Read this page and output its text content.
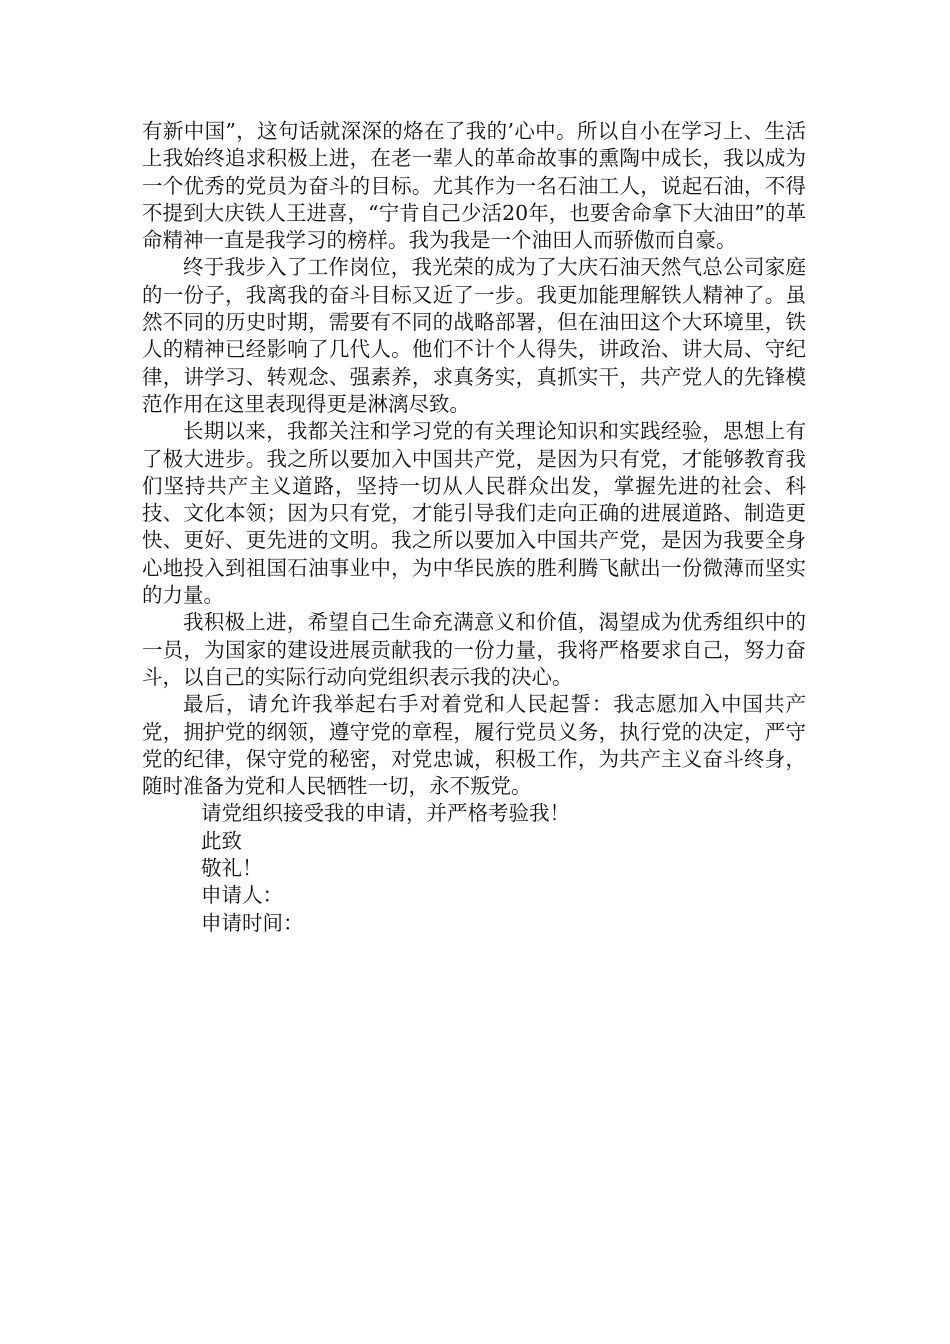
有新中国”，这句话就深深的烙在了我的’心中。所以自小在学习上、生活上我始终追求积极上进，在老一辈人的革命故事的熏陶中成长，我以成为一个优秀的党员为奋斗的目标。尤其作为一名石油工人，说起石油，不得不提到大庆铁人王进喜，“宁肯自己少活20年，也要舍命拿下大油田”的革命精神一直是我学习的榜样。我为我是一个油田人而骄傲而自豪。

终于我步入了工作岗位，我光荣的成为了大庆石油天然气总公司家庭的一份子，我离我的奋斗目标又近了一步。我更加能理解铁人精神了。虽然不同的历史时期，需要有不同的战略部署，但在油田这个大环境里，铁人的精神已经影响了几代人。他们不计个人得失，讲政治、讲大局、守纪律，讲学习、转观念、强素养，求真务实，真抓实干，共产党人的先锋模范作用在这里表现得更是淋漓尽致。

长期以来，我都关注和学习党的有关理论知识和实践经验，思想上有了极大进步。我之所以要加入中国共产党，是因为只有党，才能够教育我们坚持共产主义道路，坚持一切从人民群众出发，掌握先进的社会、科技、文化本领；因为只有党，才能引导我们走向正确的进展道路、制造更快、更好、更先进的文明。我之所以要加入中国共产党，是因为我要全身心地投入到祖国石油事业中，为中华民族的胜利腾飞献出一份微薄而坚实的力量。

我积极上进，希望自己生命充满意义和价值，渴望成为优秀组织中的一员，为国家的建设进展贡献我的一份力量，我将严格要求自己，努力奋斗，以自己的实际行动向党组织表示我的决心。

最后，请允许我举起右手对着党和人民起誓：我志愿加入中国共产党，拥护党的纲领，遵守党的章程，履行党员义务，执行党的决定，严守党的纪律，保守党的秘密，对党忠诚，积极工作，为共产主义奋斗终身，随时准备为党和人民牺牲一切，永不叛党。

请党组织接受我的申请，并严格考验我！

此致

敬礼！

申请人：

申请时间：
